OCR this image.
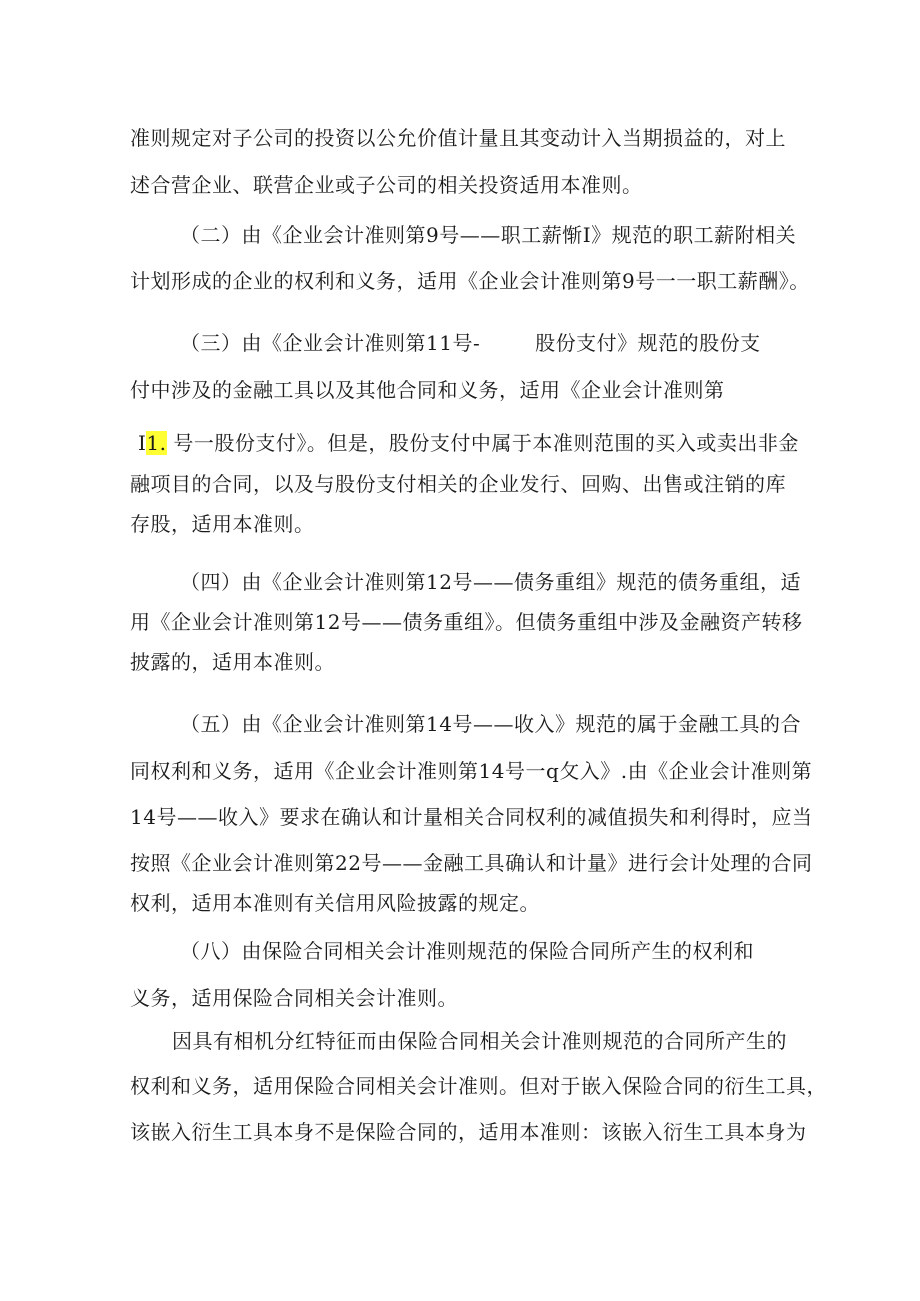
准则规定对子公司的投资以公允价值计量且其变动计入当期损益的，对上
述合营企业、联营企业或子公司的相关投资适用本准则。
（二）由《企业会计准则第9号——职工薪惭I》规范的职工薪附相关
计划形成的企业的权利和义务，适用《企业会计准则第9号一一职工薪酬》。
（三）由《企业会计准则第11号-        股份支付》规范的股份支
付中涉及的金融工具以及其他合同和义务，适用《企业会计准则第
I1. 号一股份支付》。但是，股份支付中属于本准则范围的买入或卖出非金
融项目的合同，以及与股份支付相关的企业发行、回购、出售或注销的库
存股，适用本准则。
（四）由《企业会计准则第12号——债务重组》规范的债务重组，适
用《企业会计准则第12号——债务重组》。但债务重组中涉及金融资产转移
披露的，适用本准则。
（五）由《企业会计准则第14号——收入》规范的属于金融工具的合
同权利和义务，适用《企业会计准则第14号一q攵入》.由《企业会计准则第
14号——收入》要求在确认和计量相关合同权利的减值损失和利得时，应当
按照《企业会计准则第22号——金融工具确认和计量》进行会计处理的合同
权利，适用本准则有关信用风险披露的规定。
（八）由保险合同相关会计准则规范的保险合同所产生的权利和
义务，适用保险合同相关会计准则。
因具有相机分红特征而由保险合同相关会计准则规范的合同所产生的
权利和义务，适用保险合同相关会计准则。但对于嵌入保险合同的衍生工具，
该嵌入衍生工具本身不是保险合同的，适用本准则：该嵌入衍生工具本身为
